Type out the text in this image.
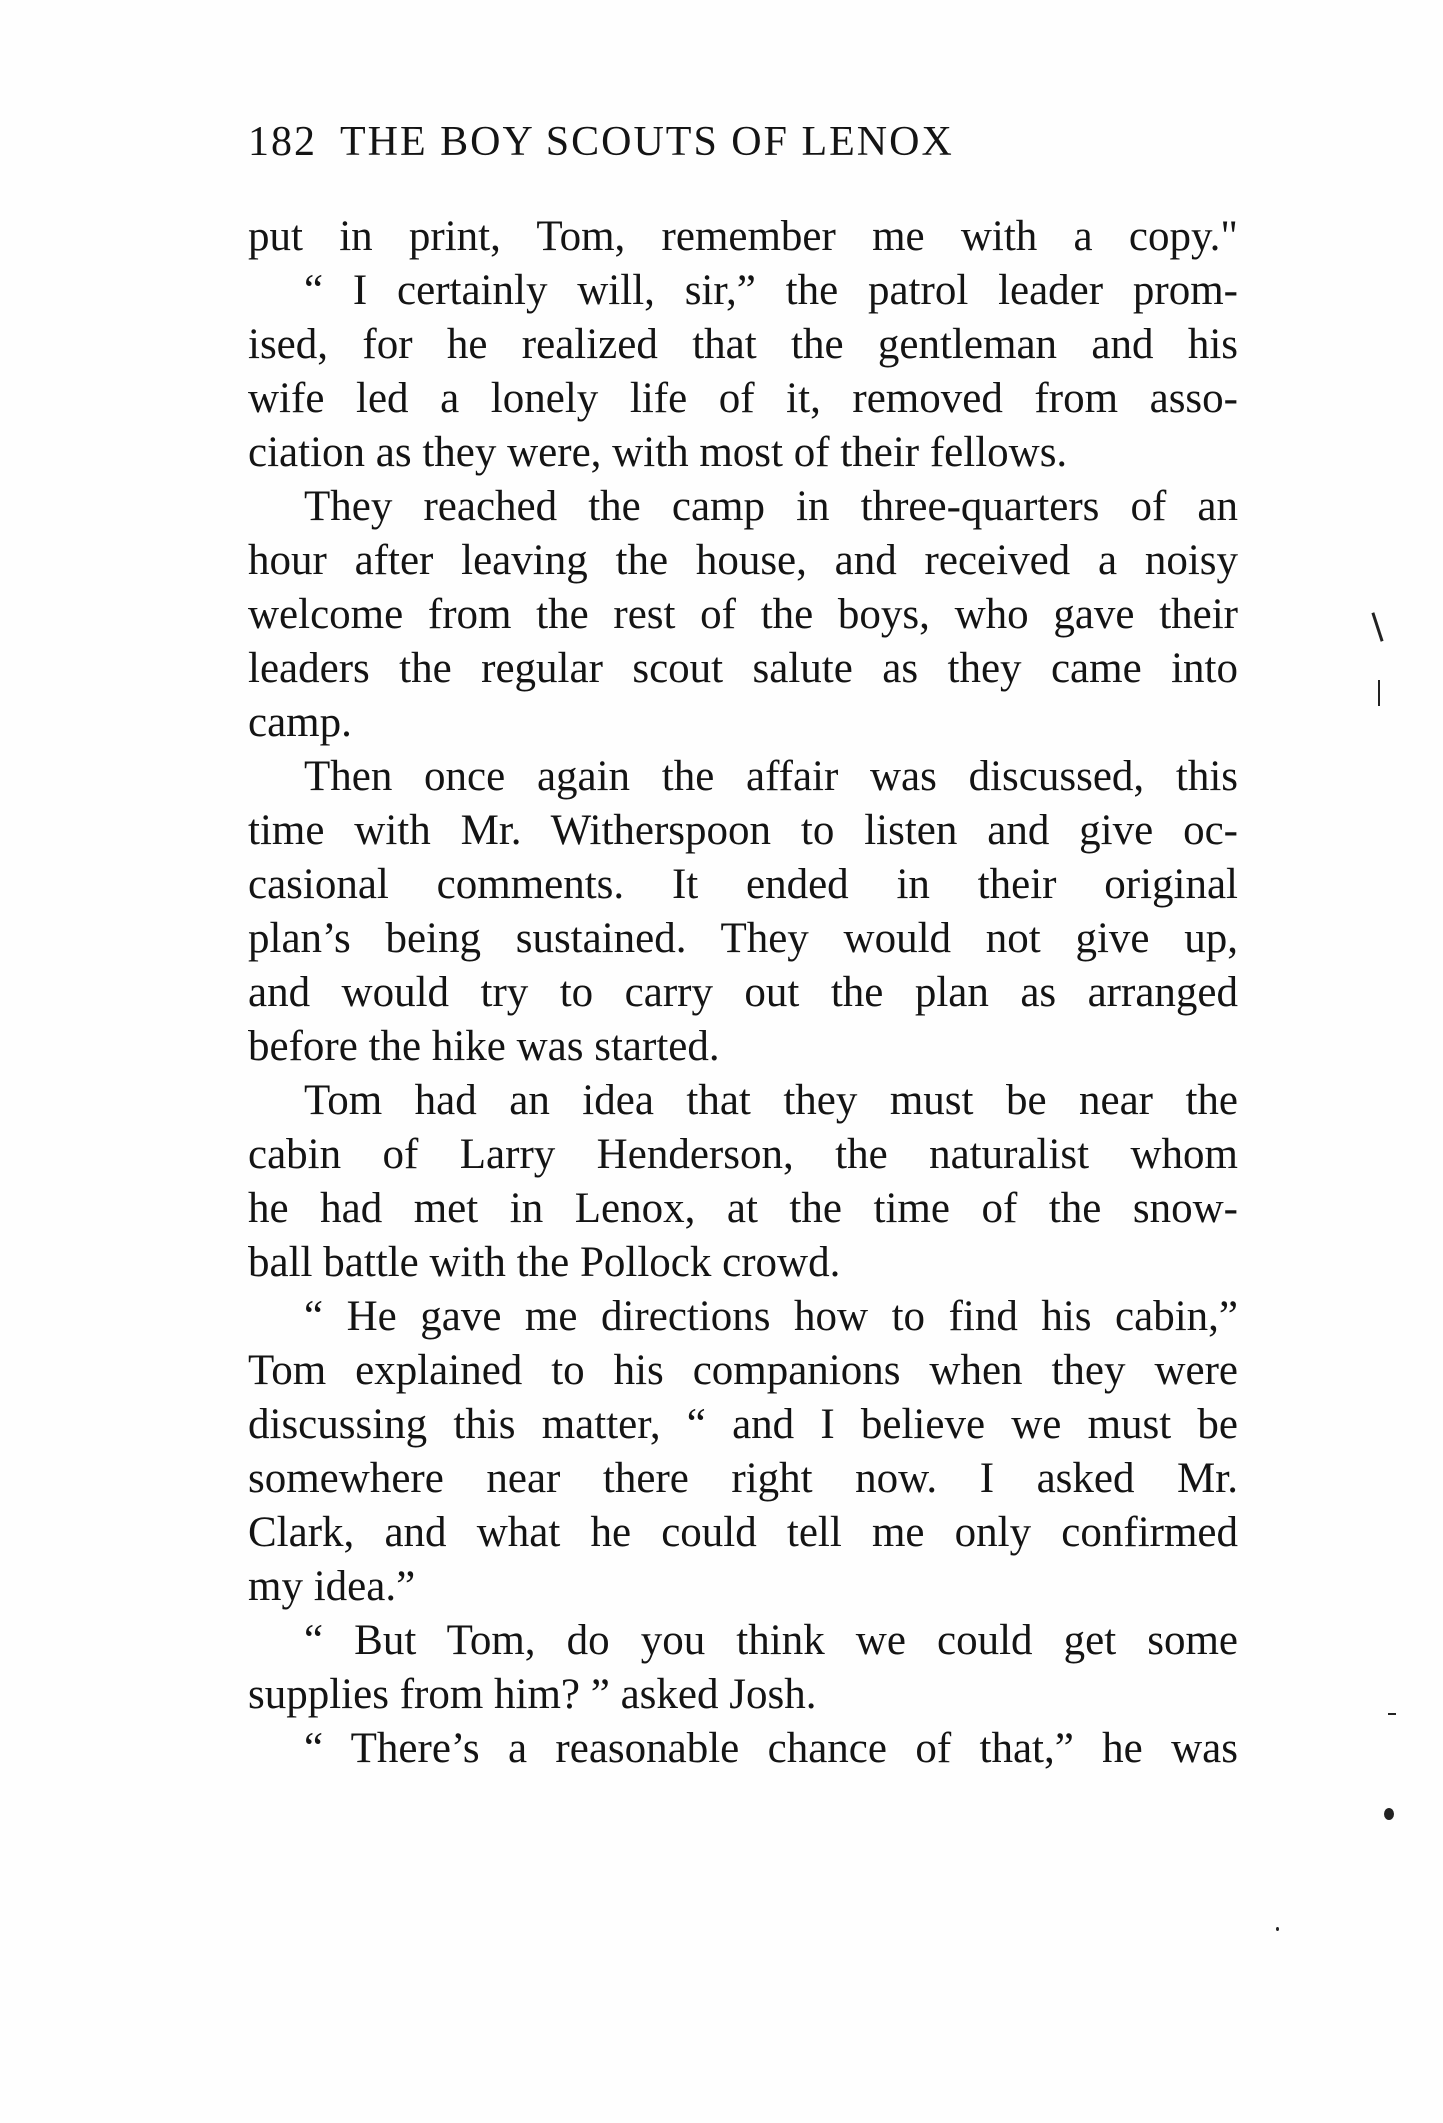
182 THE BOY SCOUTS OF LENOX
put in print, Tom, remember me with a copy."
“ I certainly will, sir,” the patrol leader prom-
ised, for he realized that the gentleman and his
wife led a lonely life of it, removed from asso-
ciation as they were, with most of their fellows.
They reached the camp in three-quarters of an
hour after leaving the house, and received a noisy
welcome from the rest of the boys, who gave their
leaders the regular scout salute as they came into
camp.
Then once again the affair was discussed, this
time with Mr. Witherspoon to listen and give oc-
casional comments. It ended in their original
plan’s being sustained. They would not give up,
and would try to carry out the plan as arranged
before the hike was started.
Tom had an idea that they must be near the
cabin of Larry Henderson, the naturalist whom
he had met in Lenox, at the time of the snow-
ball battle with the Pollock crowd.
“ He gave me directions how to find his cabin,”
Tom explained to his companions when they were
discussing this matter, “ and I believe we must be
somewhere near there right now. I asked Mr.
Clark, and what he could tell me only confirmed
my idea.”
“ But Tom, do you think we could get some
supplies from him? ” asked Josh.
“ There’s a reasonable chance of that,” he was
